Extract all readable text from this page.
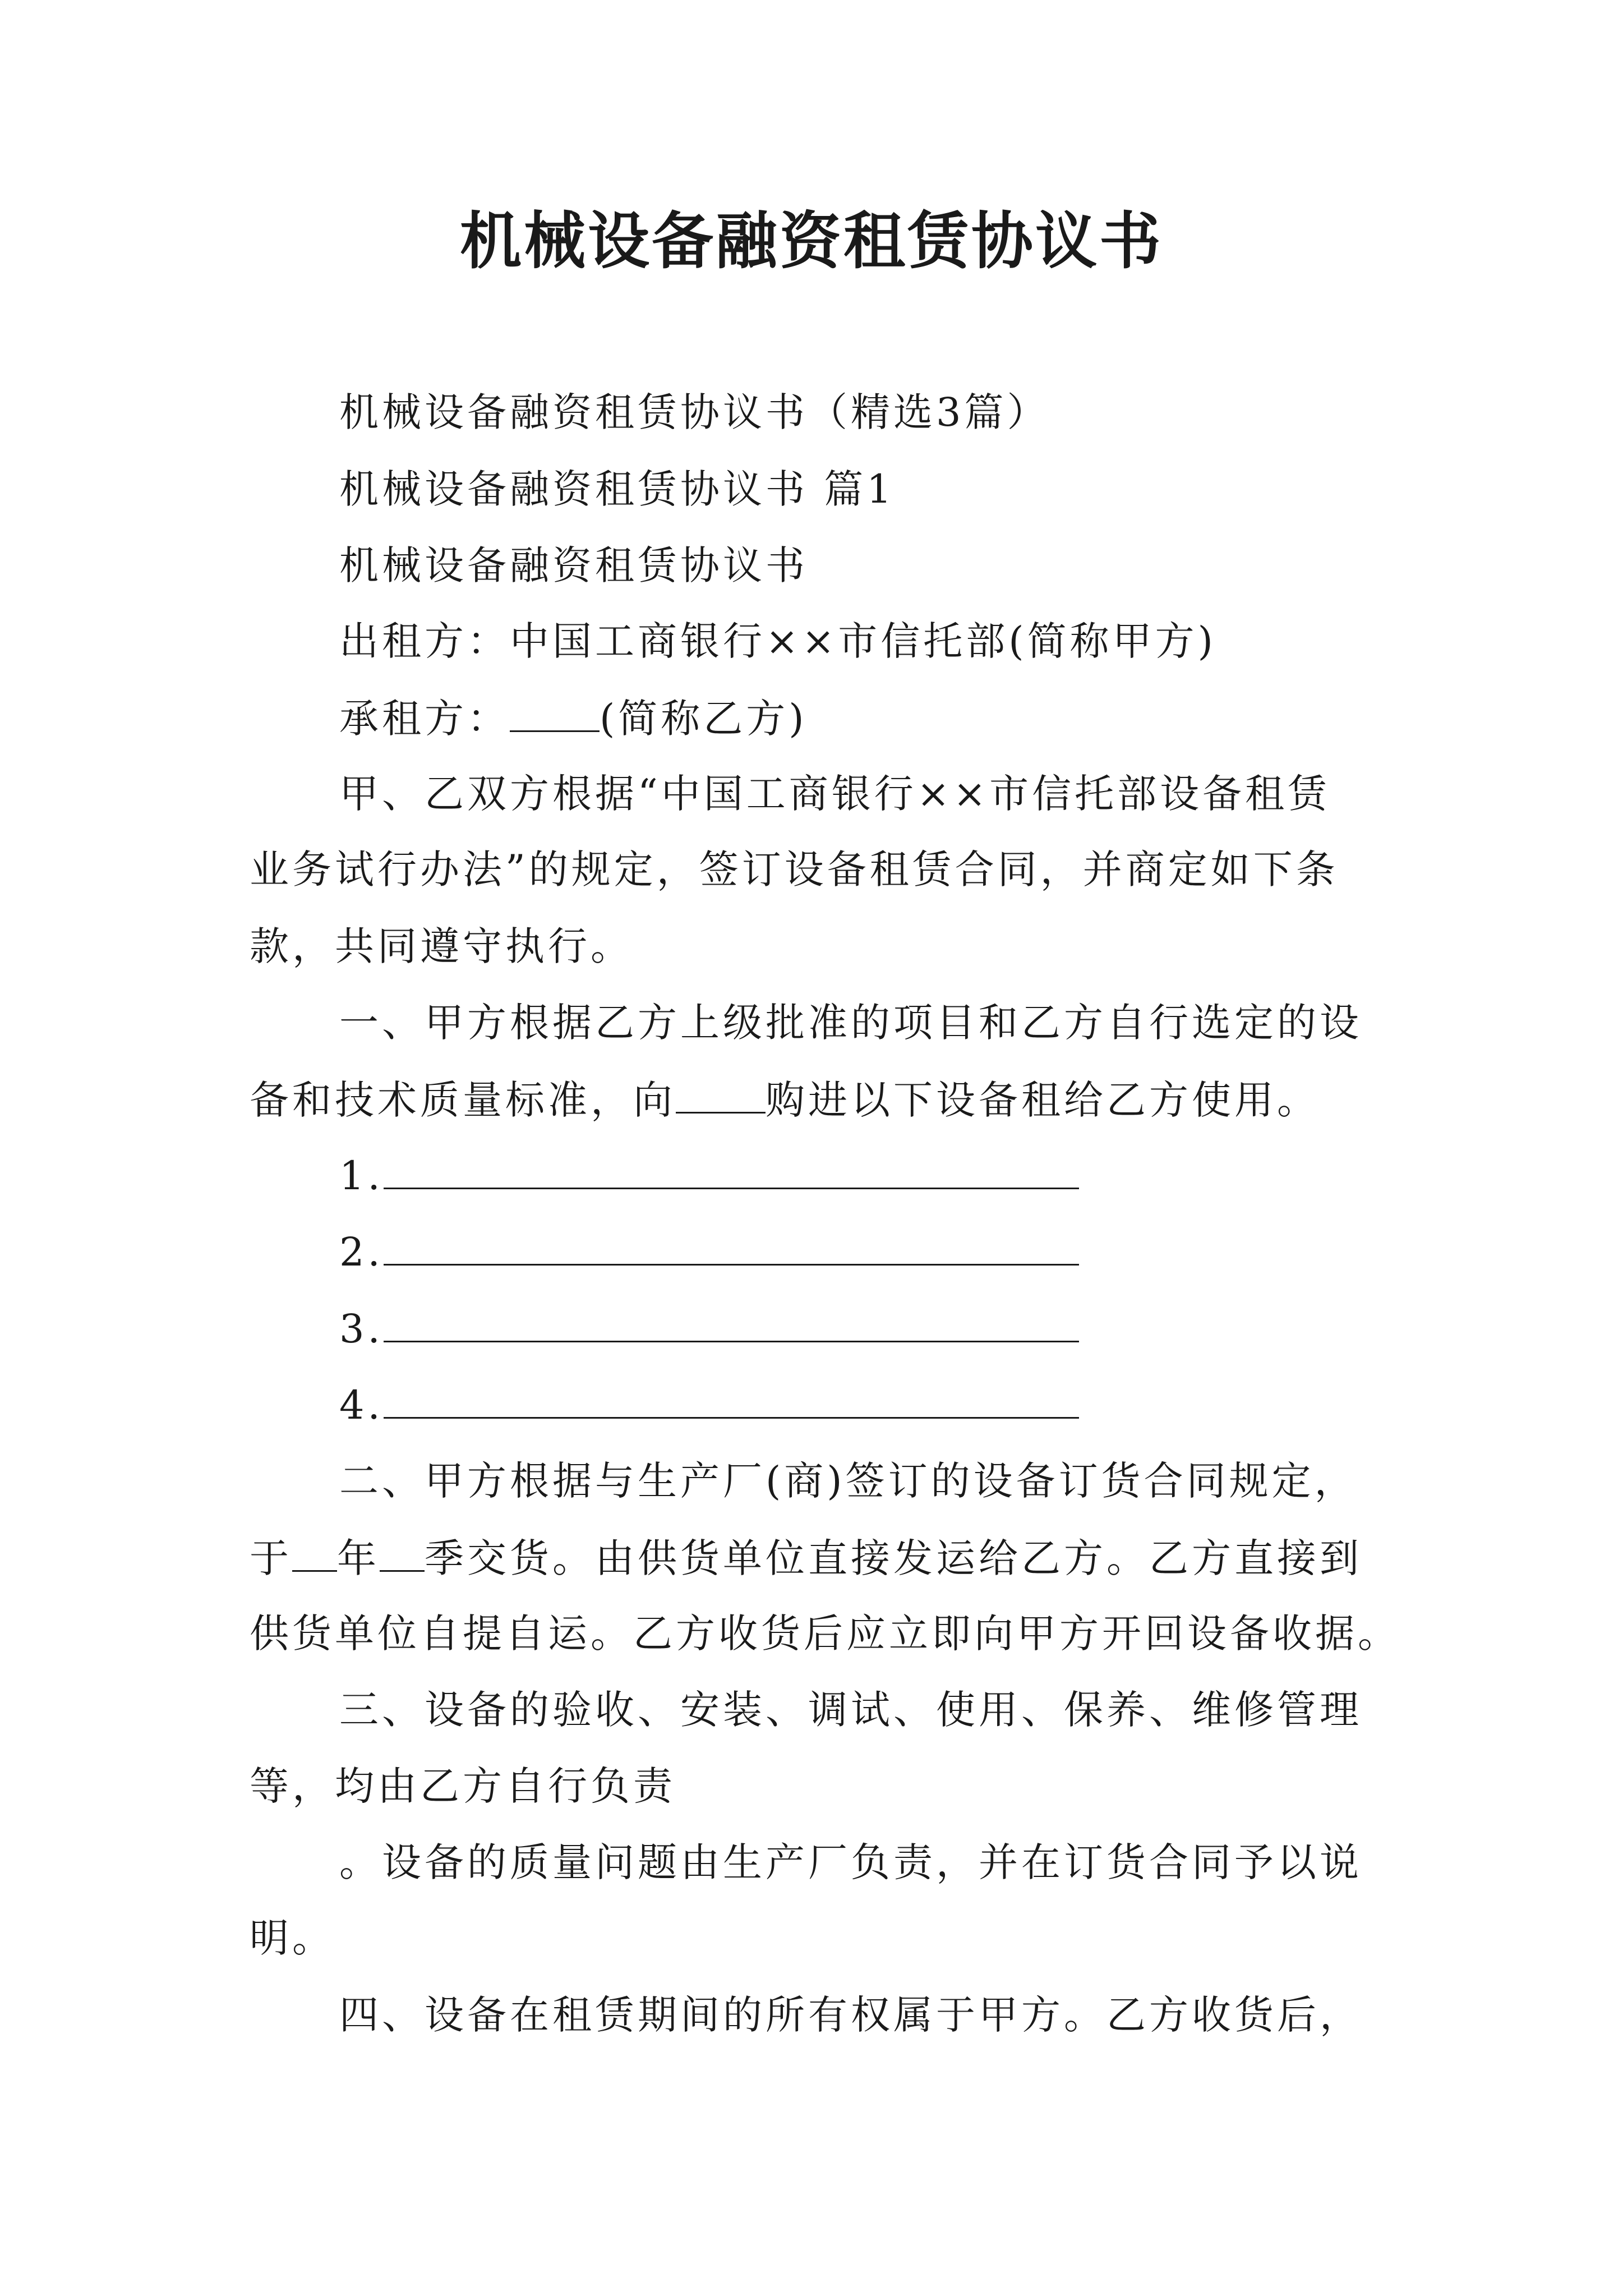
机械设备融资租赁协议书
机械设备融资租赁协议书（精选3篇）
机械设备融资租赁协议书 篇1
机械设备融资租赁协议书
出租方：中国工商银行××市信托部(简称甲方)
承租方： (简称乙方)
甲、乙双方根据“中国工商银行××市信托部设备租赁
业务试行办法”的规定，签订设备租赁合同，并商定如下条
款，共同遵守执行。
一、甲方根据乙方上级批准的项目和乙方自行选定的设
备和技术质量标准，向 购进以下设备租给乙方使用。
1.
2.
3.
4.
二、甲方根据与生产厂(商)签订的设备订货合同规定，
于 年 季交货。由供货单位直接发运给乙方。乙方直接到
供货单位自提自运。乙方收货后应立即向甲方开回设备收据。
三、设备的验收、安装、调试、使用、保养、维修管理
等，均由乙方自行负责
。设备的质量问题由生产厂负责，并在订货合同予以说
明。
四、设备在租赁期间的所有权属于甲方。乙方收货后，
